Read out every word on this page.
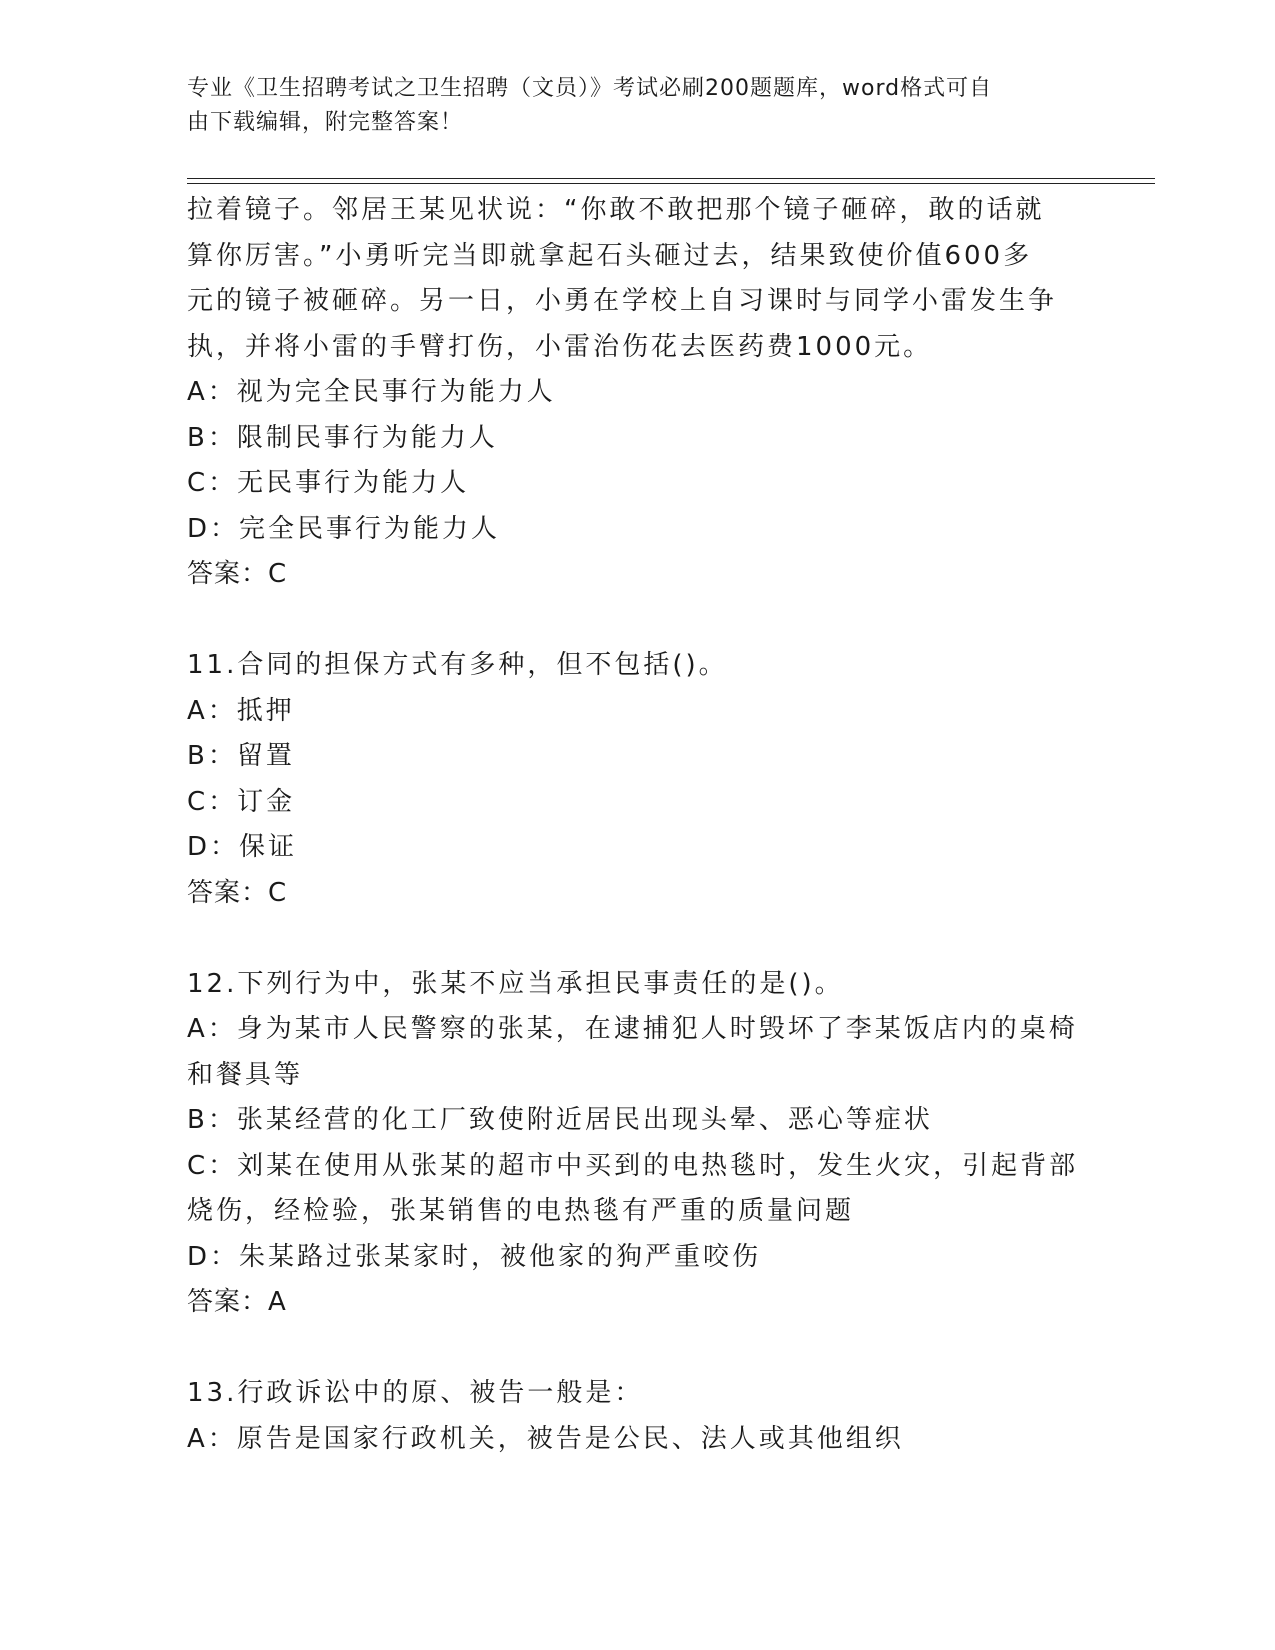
专业《卫生招聘考试之卫生招聘（文员）》考试必刷200题题库，word格式可自
由下载编辑，附完整答案！
拉着镜子。邻居王某见状说：“你敢不敢把那个镜子砸碎，敢的话就
算你厉害。”小勇听完当即就拿起石头砸过去，结果致使价值600多
元的镜子被砸碎。另一日，小勇在学校上自习课时与同学小雷发生争
执，并将小雷的手臂打伤，小雷治伤花去医药费1000元。
A：视为完全民事行为能力人
B：限制民事行为能力人
C：无民事行为能力人
D：完全民事行为能力人
答案：C
11.合同的担保方式有多种，但不包括()。
A：抵押
B：留置
C：订金
D：保证
答案：C
12.下列行为中，张某不应当承担民事责任的是()。
A：身为某市人民警察的张某，在逮捕犯人时毁坏了李某饭店内的桌椅
和餐具等
B：张某经营的化工厂致使附近居民出现头晕、恶心等症状
C：刘某在使用从张某的超市中买到的电热毯时，发生火灾，引起背部
烧伤，经检验，张某销售的电热毯有严重的质量问题
D：朱某路过张某家时，被他家的狗严重咬伤
答案：A
13.行政诉讼中的原、被告一般是：
A：原告是国家行政机关，被告是公民、法人或其他组织
